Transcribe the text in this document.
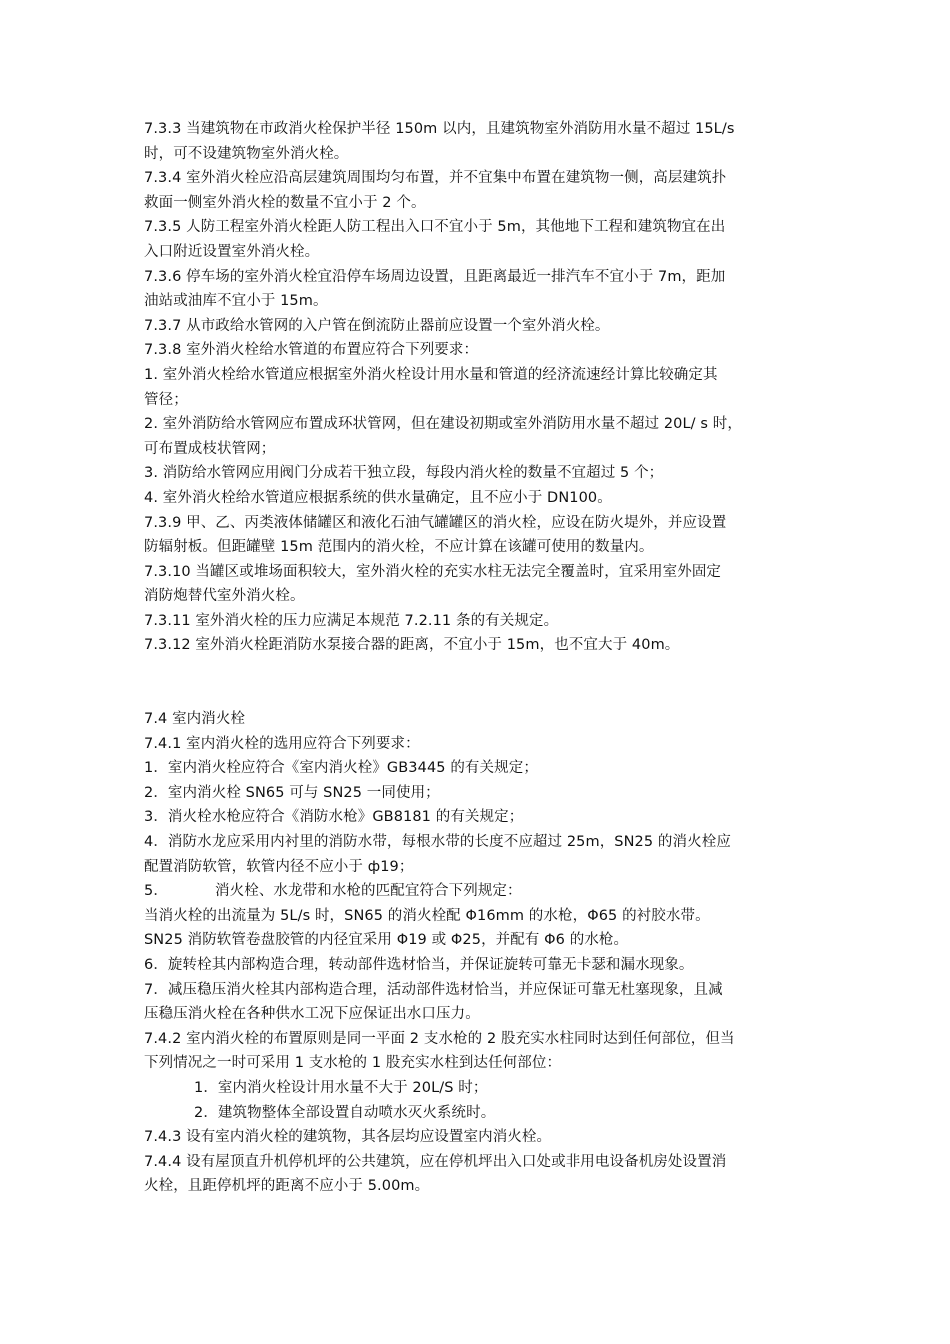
7.3.3 当建筑物在市政消火栓保护半径 150m 以内，且建筑物室外消防用水量不超过 15L/s
时，可不设建筑物室外消火栓。
7.3.4 室外消火栓应沿高层建筑周围均匀布置，并不宜集中布置在建筑物一侧，高层建筑扑
救面一侧室外消火栓的数量不宜小于 2 个。
7.3.5 人防工程室外消火栓距人防工程出入口不宜小于 5m，其他地下工程和建筑物宜在出
入口附近设置室外消火栓。
7.3.6 停车场的室外消火栓宜沿停车场周边设置，且距离最近一排汽车不宜小于 7m，距加
油站或油库不宜小于 15m。
7.3.7 从市政给水管网的入户管在倒流防止器前应设置一个室外消火栓。
7.3.8 室外消火栓给水管道的布置应符合下列要求：
1. 室外消火栓给水管道应根据室外消火栓设计用水量和管道的经济流速经计算比较确定其
管径；
2. 室外消防给水管网应布置成环状管网，但在建设初期或室外消防用水量不超过 20L/ s 时，
可布置成枝状管网；
3. 消防给水管网应用阀门分成若干独立段，每段内消火栓的数量不宜超过 5 个；
4. 室外消火栓给水管道应根据系统的供水量确定，且不应小于 DN100。
7.3.9 甲、乙、丙类液体储罐区和液化石油气罐罐区的消火栓，应设在防火堤外，并应设置
防辐射板。但距罐壁 15m 范围内的消火栓，不应计算在该罐可使用的数量内。
7.3.10 当罐区或堆场面积较大，室外消火栓的充实水柱无法完全覆盖时，宜采用室外固定
消防炮替代室外消火栓。
7.3.11 室外消火栓的压力应满足本规范 7.2.11 条的有关规定。
7.3.12 室外消火栓距消防水泵接合器的距离，不宜小于 15m，也不宜大于 40m。
7.4 室内消火栓
7.4.1 室内消火栓的选用应符合下列要求：
1．室内消火栓应符合《室内消火栓》GB3445 的有关规定；
2．室内消火栓 SN65 可与 SN25 一同使用；
3．消火栓水枪应符合《消防水枪》GB8181 的有关规定；
4．消防水龙应采用内衬里的消防水带，每根水带的长度不应超过 25m，SN25 的消火栓应
配置消防软管，软管内径不应小于 ф19；
5．          消火栓、水龙带和水枪的匹配宜符合下列规定：
当消火栓的出流量为 5L/s 时，SN65 的消火栓配 Φ16mm 的水枪，Φ65 的衬胶水带。
SN25 消防软管卷盘胶管的内径宜采用 Φ19 或 Φ25，并配有 Φ6 的水枪。
6．旋转栓其内部构造合理，转动部件选材恰当，并保证旋转可靠无卡瑟和漏水现象。
7．减压稳压消火栓其内部构造合理，活动部件选材恰当，并应保证可靠无杜塞现象，且减
压稳压消火栓在各种供水工况下应保证出水口压力。
7.4.2 室内消火栓的布置原则是同一平面 2 支水枪的 2 股充实水柱同时达到任何部位，但当
下列情况之一时可采用 1 支水枪的 1 股充实水柱到达任何部位：
1．室内消火栓设计用水量不大于 20L/S 时；
2．建筑物整体全部设置自动喷水灭火系统时。
7.4.3 设有室内消火栓的建筑物，其各层均应设置室内消火栓。
7.4.4 设有屋顶直升机停机坪的公共建筑，应在停机坪出入口处或非用电设备机房处设置消
火栓，且距停机坪的距离不应小于 5.00m。
